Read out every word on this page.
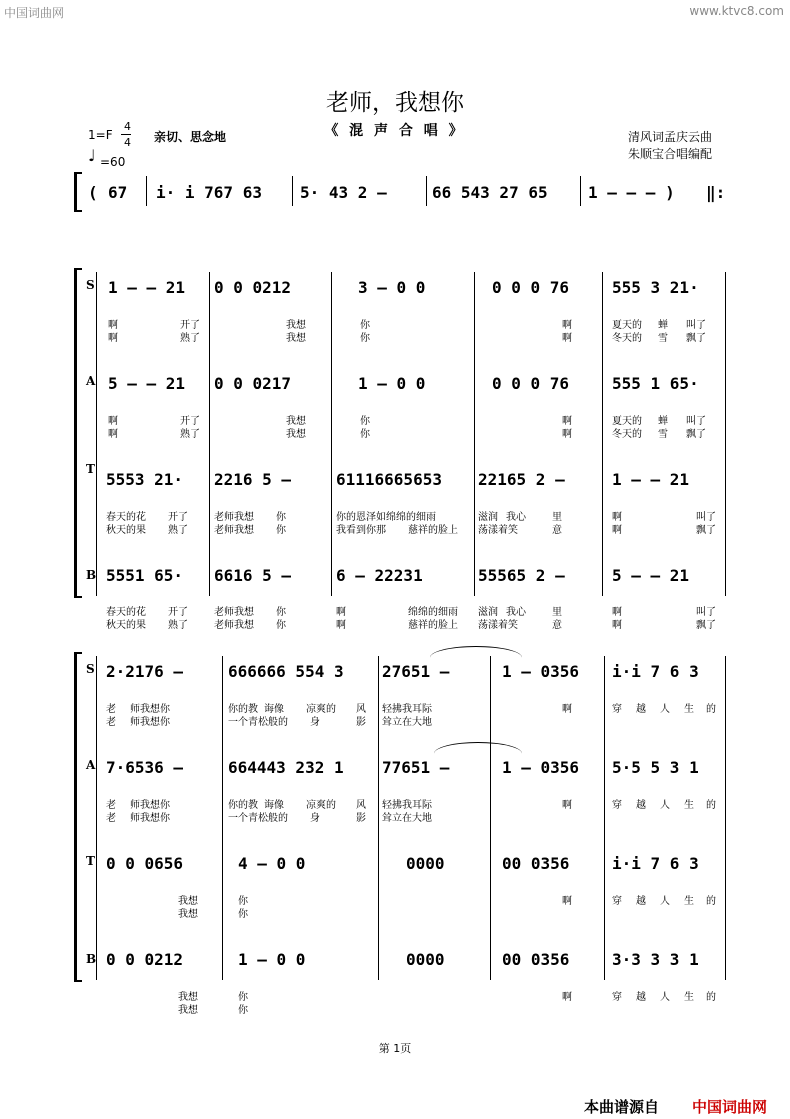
中国词曲网	www.ktvc8.com
老师，我想你
《 混 声 合 唱 》
1=F
4
4 亲切、思念地
♩ =60
清风词孟庆云曲
朱顺宝合唱编配
( 67 i· i 767 63 5· 43 2 –	66 543 27 65	1 – – – ) ‖:
S 1 – – 21 0 0 0212	3 – 0 0	0 0 0 76	555 3 21·
啊	开了	我想	你	啊	夏天的 蝉 叫了
啊	熟了	我想	你	啊	冬天的 雪 飘了
A 5 – – 21 0 0 0217	1 – 0 0	0 0 0 76	555 1 65·
啊	开了	我想	你	啊	夏天的 蝉 叫了
啊	熟了	我想	你	啊	冬天的 雪 飘了
T
5553 21· 2216 5 –	61116665653 22165 2 –	1 – – 21
春天的花 开了	老师我想 你	你的 恩泽如绵绵的细雨	滋润 我心	里	啊	叫了
秋天的果 熟了	老师我想 你	我看到你那 慈祥的脸上 荡漾着笑	意	啊	飘了
B 5551 65· 6616 5 –	6 – 22231	55565 2 –	5 – – 21
春天的花 开了	老师我想 你	啊	绵绵的细雨 滋润 我心	里	啊	叫了
秋天的果 熟了	老师我想 你	啊	慈祥的脸上 荡漾着笑	意	啊	飘了
S 2·2176 –	666666 554 3 27651 –	1 – 0356 i·i 7 6 3
老 师我想你	你的教 诲像 凉爽的 风 轻拂我耳际	啊	穿 越 人 生 的
老 师我想你	一个青松般的 身	影 耸立在大地
A 7·6536 –	664443 232 1 77651 –	1 – 0356 5·5 5 3 1
老 师我想你	你的教 诲像 凉爽的 风 轻拂我耳际	啊	穿 越 人 生 的
老 师我想你	一个青松般的 身	影 耸立在大地
T 0 0 0656	4 – 0 0	0000	00 0356	i·i 7 6 3
我想	你	啊	穿 越 人 生 的
我想	你
B 0 0 0212	1 – 0 0	0000	00 0356	3·3 3 3 1
我想	你	啊	穿 越 人 生 的
我想	你
第 1页
本曲谱源自 中国词曲网
